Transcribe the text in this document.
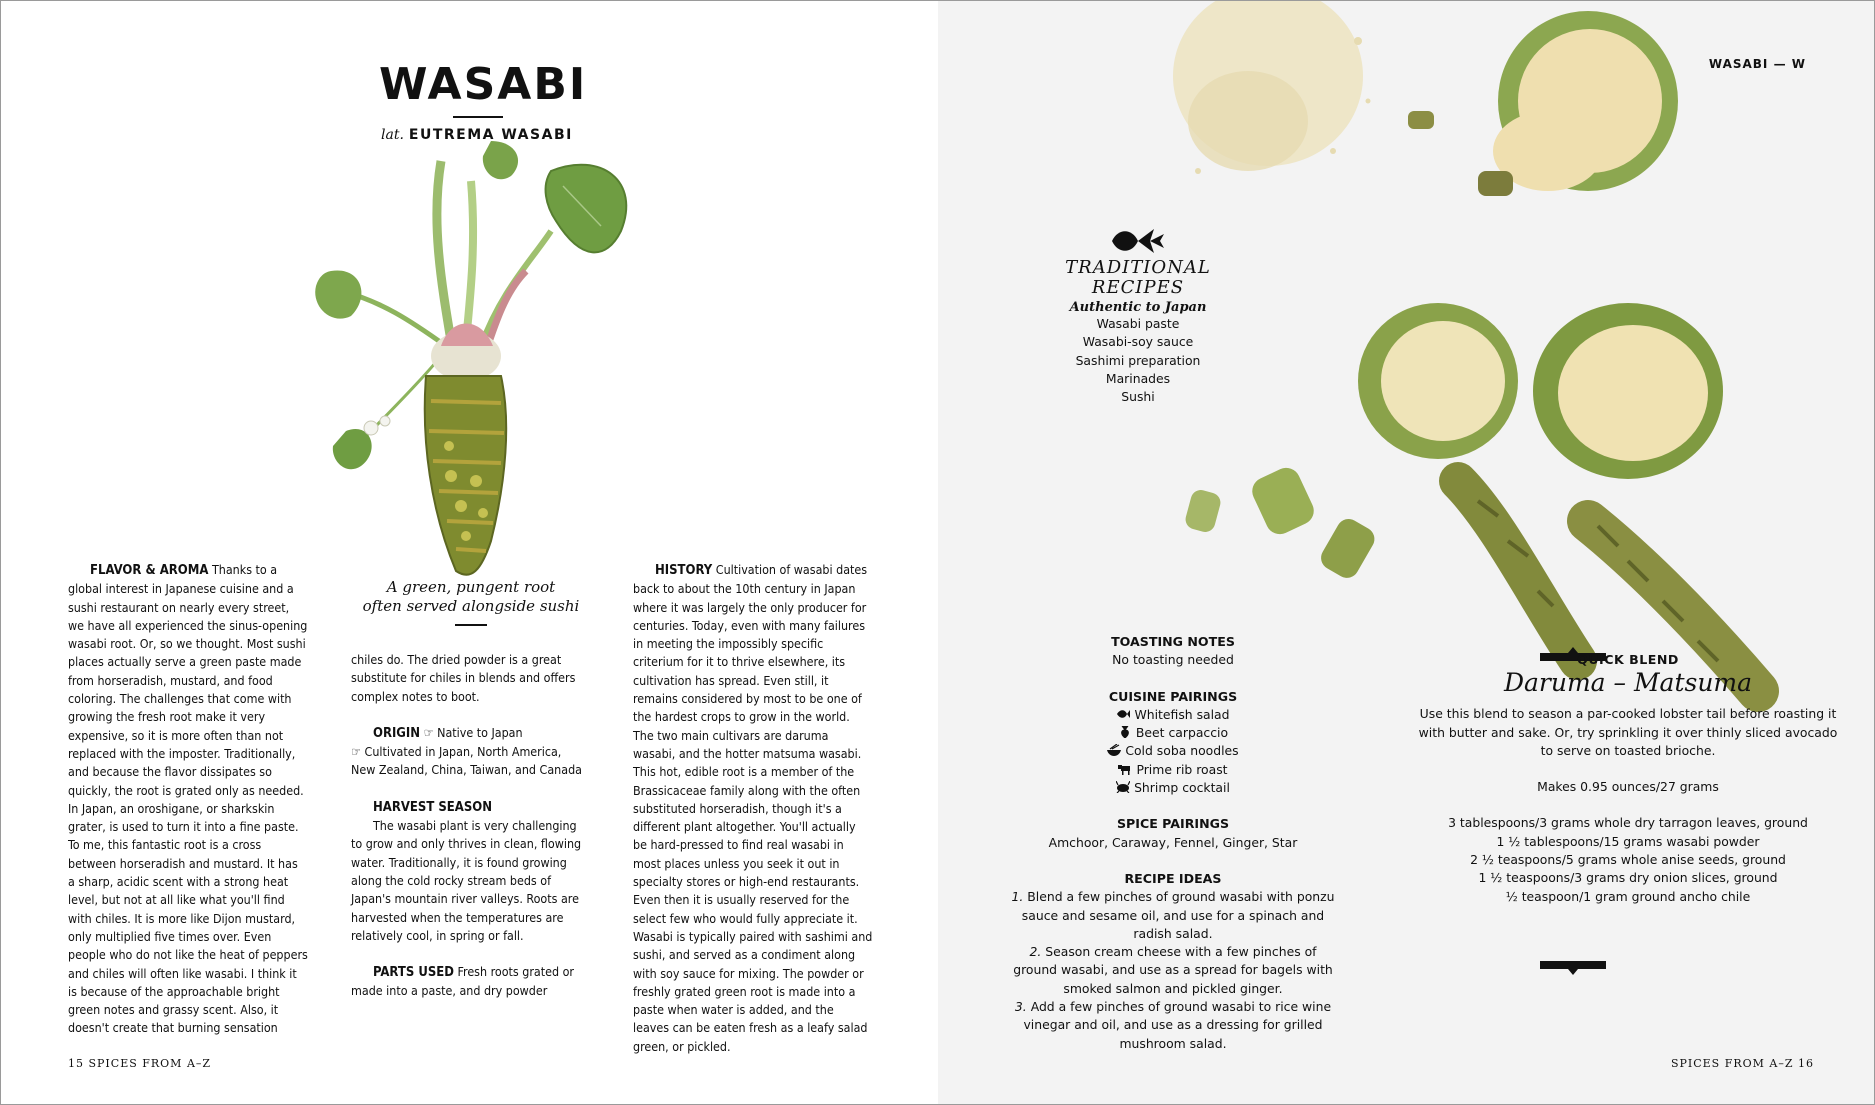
WASABI
lat. EUTREMA WASABI
A green, pungent root
often served alongside sushi

FLAVOR & AROMA Thanks to a global interest in Japanese cuisine and a sushi restaurant on nearly every street, we have all experienced the sinus-opening wasabi root. Or, so we thought. Most sushi places actually serve a green paste made from horseradish, mustard, and food coloring. The challenges that come with growing the fresh root make it very expensive, so it is more often than not replaced with the imposter. Traditionally, and because the flavor dissipates so quickly, the root is grated only as needed. In Japan, an oroshigane, or sharkskin grater, is used to turn it into a fine paste. To me, this fantastic root is a cross between horseradish and mustard. It has a sharp, acidic scent with a strong heat level, but not at all like what you'll find with chiles. It is more like Dijon mustard, only multiplied five times over. Even people who do not like the heat of peppers and chiles will often like wasabi. I think it is because of the approachable bright green notes and grassy scent. Also, it doesn't create that burning sensation

chiles do. The dried powder is a great substitute for chiles in blends and offers complex notes to boot.

ORIGIN ☞ Native to Japan
☞ Cultivated in Japan, North America, New Zealand, China, Taiwan, and Canada

HARVEST SEASON
The wasabi plant is very challenging to grow and only thrives in clean, flowing water. Traditionally, it is found growing along the cold rocky stream beds of Japan's mountain river valleys. Roots are harvested when the temperatures are relatively cool, in spring or fall.

PARTS USED Fresh roots grated or made into a paste, and dry powder

HISTORY Cultivation of wasabi dates back to about the 10th century in Japan where it was largely the only producer for centuries. Today, even with many failures in meeting the impossibly specific criterium for it to thrive elsewhere, its cultivation has spread. Even still, it remains considered by most to be one of the hardest crops to grow in the world. The two main cultivars are daruma wasabi, and the hotter matsuma wasabi. This hot, edible root is a member of the Brassicaceae family along with the often substituted horseradish, though it's a different plant altogether. You'll actually be hard-pressed to find real wasabi in most places unless you seek it out in specialty stores or high-end restaurants. Even then it is usually reserved for the select few who would fully appreciate it. Wasabi is typically paired with sashimi and sushi, and served as a condiment along with soy sauce for mixing. The powder or freshly grated green root is made into a paste when water is added, and the leaves can be eaten fresh as a leafy salad green, or pickled.

15 SPICES FROM A–Z
WASABI — W
TRADITIONAL
RECIPES
Authentic to Japan
Wasabi paste
Wasabi-soy sauce
Sashimi preparation
Marinades
Sushi
TOASTING NOTES
No toasting needed
CUISINE PAIRINGS
Whitefish salad
Beet carpaccio
Cold soba noodles
Prime rib roast
Shrimp cocktail
SPICE PAIRINGS
Amchoor, Caraway, Fennel, Ginger, Star
RECIPE IDEAS
1. Blend a few pinches of ground wasabi with ponzu sauce and sesame oil, and use for a spinach and radish salad.
2. Season cream cheese with a few pinches of ground wasabi, and use as a spread for bagels with smoked salmon and pickled ginger.
3. Add a few pinches of ground wasabi to rice wine vinegar and oil, and use as a dressing for grilled mushroom salad.
QUICK BLEND
Daruma – Matsuma

Use this blend to season a par-cooked lobster tail before roasting it with butter and sake. Or, try sprinkling it over thinly sliced avocado to serve on toasted brioche.

Makes 0.95 ounces/27 grams

3 tablespoons/3 grams whole dry tarragon leaves, ground
1 ½ tablespoons/15 grams wasabi powder
2 ½ teaspoons/5 grams whole anise seeds, ground
1 ½ teaspoons/3 grams dry onion slices, ground
½ teaspoon/1 gram ground ancho chile
SPICES FROM A–Z 16
